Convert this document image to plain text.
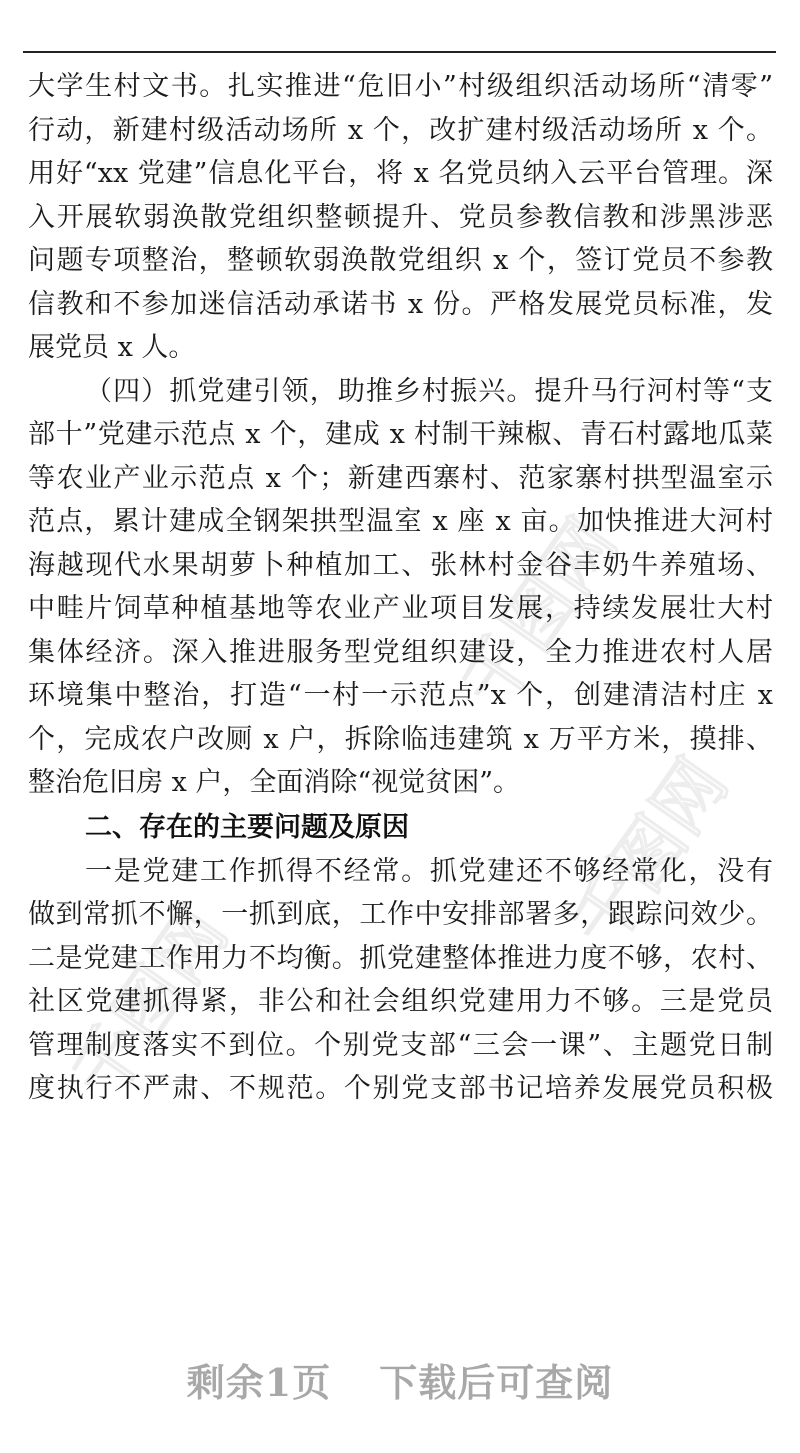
千图网
千图网
千图网
大学生村文书。扎实推进“危旧小”村级组织活动场所“清零”
行动，新建村级活动场所 x 个，改扩建村级活动场所 x 个。
用好“xx 党建”信息化平台，将 x 名党员纳入云平台管理。深
入开展软弱涣散党组织整顿提升、党员参教信教和涉黑涉恶
问题专项整治，整顿软弱涣散党组织 x 个，签订党员不参教
信教和不参加迷信活动承诺书 x 份。严格发展党员标准，发
展党员 x 人。
（四）抓党建引领，助推乡村振兴。提升马行河村等“支
部十”党建示范点 x 个，建成 x 村制干辣椒、青石村露地瓜菜
等农业产业示范点 x 个；新建西寨村、范家寨村拱型温室示
范点，累计建成全钢架拱型温室 x 座 x 亩。加快推进大河村
海越现代水果胡萝卜种植加工、张林村金谷丰奶牛养殖场、
中畦片饲草种植基地等农业产业项目发展，持续发展壮大村
集体经济。深入推进服务型党组织建设，全力推进农村人居
环境集中整治，打造“一村一示范点”x 个，创建清洁村庄 x
个，完成农户改厕 x 户，拆除临违建筑 x 万平方米，摸排、
整治危旧房 x 户，全面消除“视觉贫困”。
二、存在的主要问题及原因
一是党建工作抓得不经常。抓党建还不够经常化，没有
做到常抓不懈，一抓到底，工作中安排部署多，跟踪问效少。
二是党建工作用力不均衡。抓党建整体推进力度不够，农村、
社区党建抓得紧，非公和社会组织党建用力不够。三是党员
管理制度落实不到位。个别党支部“三会一课”、主题党日制
度执行不严肃、不规范。个别党支部书记培养发展党员积极
剩余1页 下载后可查阅
